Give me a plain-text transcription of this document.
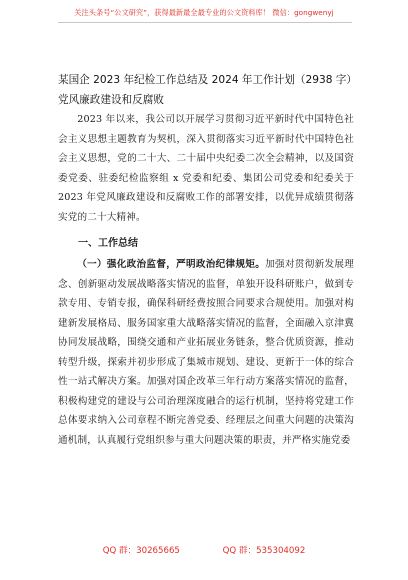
关注头条号“公文研究”，获得最新最全最专业的公文资料库！ 微信：gongwenyj

某国企 2023 年纪检工作总结及 2024 年工作计划（2938 字）党风廉政建设和反腐败

2023 年以来，我公司以开展学习贯彻习近平新时代中国特色社会主义思想主题教育为契机，深入贯彻落实习近平新时代中国特色社会主义思想，党的二十大、二十届中央纪委二次全会精神，以及国资委党委、驻委纪检监察组 x 党委和纪委、集团公司党委和纪委关于 2023 年党风廉政建设和反腐败工作的部署安排，以优异成绩贯彻落实党的二十大精神。

一、工作总结

（一）强化政治监督，严明政治纪律规矩。加强对贯彻新发展理念、创新驱动发展战略落实情况的监督，单独开设科研账户，做到专款专用、专销专报，确保科研经费按照合同要求合规使用。加强对构建新发展格局、服务国家重大战略落实情况的监督，全面融入京津冀协同发展战略，围绕交通和产业拓展业务链条，整合优质资源，推动转型升级，探索并初步形成了集城市规划、建设、更新于一体的综合性一站式解决方案。加强对国企改革三年行动方案落实情况的监督，积极构建党的建设与公司治理深度融合的运行机制，坚持将党建工作总体要求纳入公司章程不断完善党委、经理层之间重大问题的决策沟通机制，认真履行党组织参与重大问题决策的职责，并严格实施党委

QQ 群：30265665	QQ 群：535304092
